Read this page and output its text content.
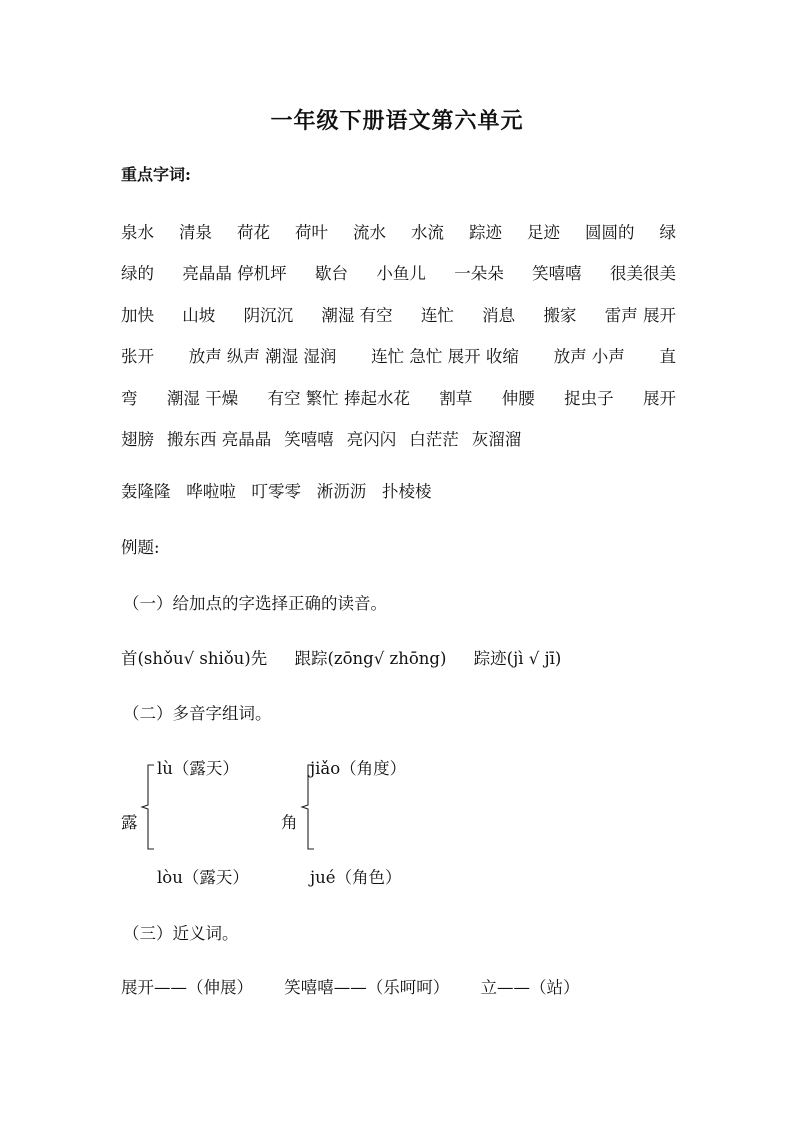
一年级下册语文第六单元
重点字词:
泉水 清泉 荷花 荷叶 流水 水流 踪迹 足迹 圆圆的 绿
绿的 亮晶晶 停机坪 歇台 小鱼儿 一朵朵 笑嘻嘻 很美很美
加快 山坡 阴沉沉 潮湿 有空 连忙 消息 搬家 雷声 展开
张开 放声 纵声 潮湿 湿润 连忙 急忙 展开 收缩 放声 小声 直
弯 潮湿 干燥 有空 繁忙 捧起水花 割草 伸腰 捉虫子 展开
翅膀 搬东西 亮晶晶 笑嘻嘻 亮闪闪 白茫茫 灰溜溜
轰隆隆 哗啦啦 叮零零 淅沥沥 扑棱棱
例题:
（一）给加点的字选择正确的读音。
首(shǒu√ shiǒu)先 跟踪(zōng√ zhōng) 踪迹(jì √ jī)
（二）多音字组词。
lù（露天）
露
lòu（露天）
jiǎo（角度）
角
jué（角色）
（三）近义词。
展开——（伸展） 笑嘻嘻——（乐呵呵） 立——（站）
